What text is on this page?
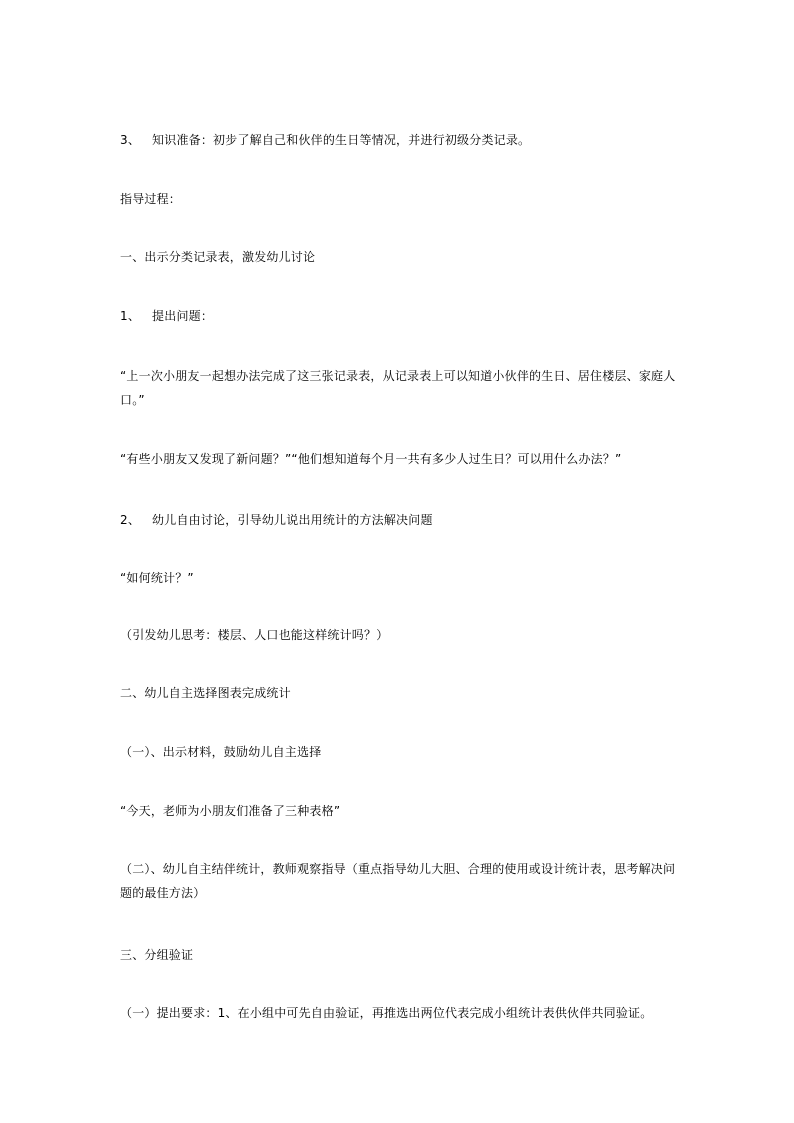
3、 知识准备：初步了解自己和伙伴的生日等情况，并进行初级分类记录。
指导过程：
一、出示分类记录表，激发幼儿讨论
1、 提出问题：
“上一次小朋友一起想办法完成了这三张记录表，从记录表上可以知道小伙伴的生日、居住楼层、家庭人口。”
“有些小朋友又发现了新问题？”“他们想知道每个月一共有多少人过生日？可以用什么办法？”
2、 幼儿自由讨论，引导幼儿说出用统计的方法解决问题
“如何统计？”
（引发幼儿思考：楼层、人口也能这样统计吗？）
二、幼儿自主选择图表完成统计
（一）、出示材料，鼓励幼儿自主选择
“今天，老师为小朋友们准备了三种表格”
（二）、幼儿自主结伴统计，教师观察指导（重点指导幼儿大胆、合理的使用或设计统计表，思考解决问题的最佳方法）
三、分组验证
（一）提出要求：1、在小组中可先自由验证，再推选出两位代表完成小组统计表供伙伴共同验证。
